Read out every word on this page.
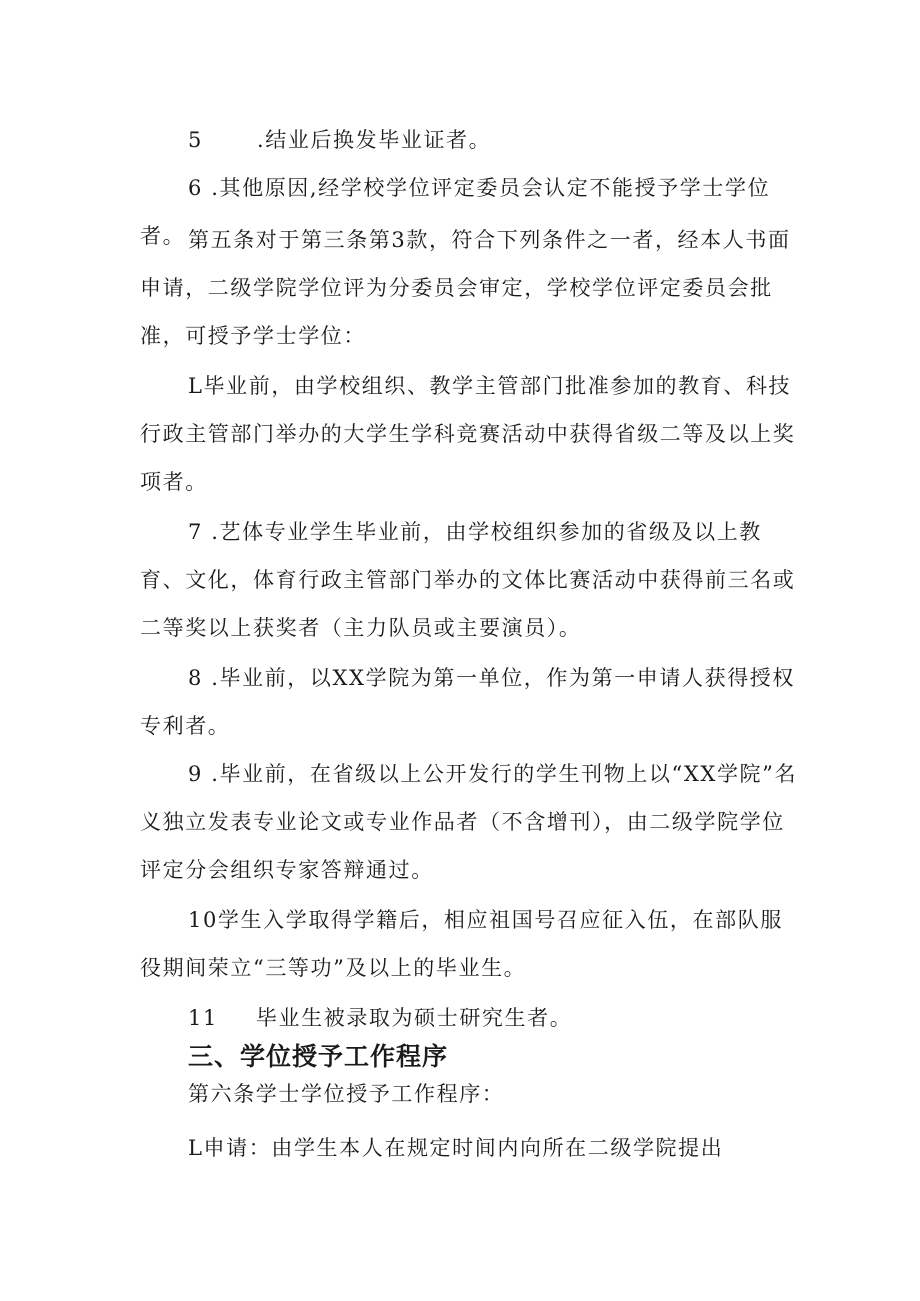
5	.结业后换发毕业证者。

6 .其他原因,经学校学位评定委员会认定不能授予学士学位者。 第五条对于第三条第3款，符合下列条件之一者，经本人书面申请，二级学院学位评为分委员会审定，学校学位评定委员会批准，可授予学士学位：

L毕业前，由学校组织、教学主管部门批准参加的教育、科技行政主管部门举办的大学生学科竞赛活动中获得省级二等及以上奖项者。

7 .艺体专业学生毕业前，由学校组织参加的省级及以上教育、文化，体育行政主管部门举办的文体比赛活动中获得前三名或二等奖以上获奖者（主力队员或主要演员）。

8 .毕业前，以XX学院为第一单位，作为第一申请人获得授权专利者。

9 .毕业前，在省级以上公开发行的学生刊物上以“XX学院”名义独立发表专业论文或专业作品者（不含增刊），由二级学院学位评定分会组织专家答辩通过。

10学生入学取得学籍后，相应祖国号召应征入伍，在部队服役期间荣立“三等功”及以上的毕业生。

11 毕业生被录取为硕士研究生者。

三、学位授予工作程序

第六条学士学位授予工作程序：

L申请：由学生本人在规定时间内向所在二级学院提出
